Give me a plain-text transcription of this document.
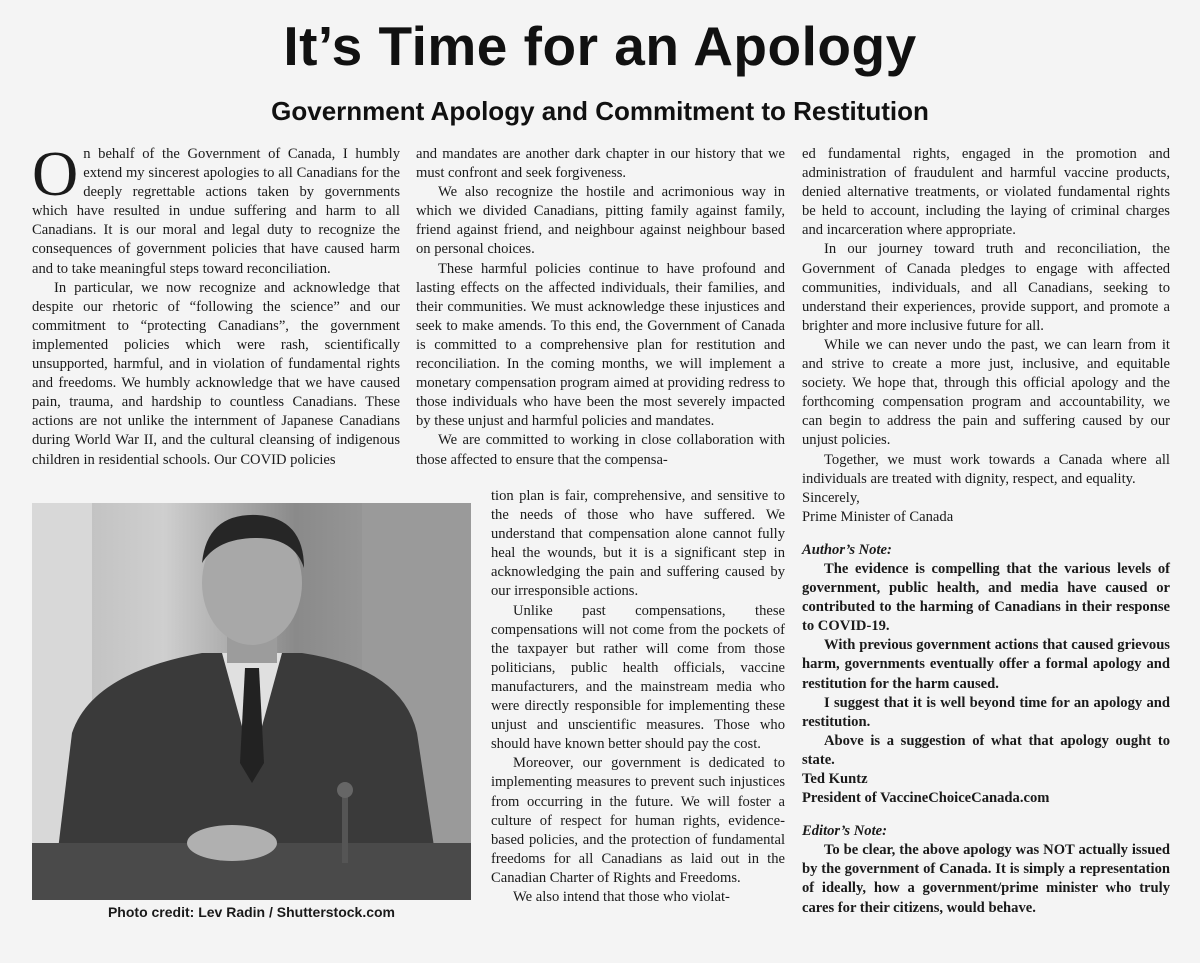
It’s Time for an Apology
Government Apology and Commitment to Restitution

On behalf of the Government of Canada, I humbly extend my sincerest apologies to all Canadians for the deeply regrettable actions taken by governments which have resulted in undue suffering and harm to all Canadians. It is our moral and legal duty to recognize the consequences of government policies that have caused harm and to take meaningful steps toward reconciliation.

In particular, we now recognize and acknowledge that despite our rhetoric of “following the science” and our commitment to “protecting Canadians”, the government implemented policies which were rash, scientifically unsupported, harmful, and in violation of fundamental rights and freedoms. We humbly acknowledge that we have caused pain, trauma, and hardship to countless Canadians. These actions are not unlike the internment of Japanese Canadians during World War II, and the cultural cleansing of indigenous children in residential schools. Our COVID policies

and mandates are another dark chapter in our history that we must confront and seek forgiveness.

We also recognize the hostile and acrimonious way in which we divided Canadians, pitting family against family, friend against friend, and neighbour against neighbour based on personal choices.

These harmful policies continue to have profound and lasting effects on the affected individuals, their families, and their communities. We must acknowledge these injustices and seek to make amends. To this end, the Government of Canada is committed to a comprehensive plan for restitution and reconciliation. In the coming months, we will implement a monetary compensation program aimed at providing redress to those individuals who have been the most severely impacted by these unjust and harmful policies and mandates.

We are committed to working in close collaboration with those affected to ensure that the compensa-

tion plan is fair, comprehensive, and sensitive to the needs of those who have suffered. We understand that compensation alone cannot fully heal the wounds, but it is a significant step in acknowledging the pain and suffering caused by our irresponsible actions.

Unlike past compensations, these compensations will not come from the pockets of the taxpayer but rather will come from those politicians, public health officials, vaccine manufacturers, and the mainstream media who were directly responsible for implementing these unjust and unscientific measures. Those who should have known better should pay the cost.

Moreover, our government is dedicated to implementing measures to prevent such injustices from occurring in the future. We will foster a culture of respect for human rights, evidence-based policies, and the protection of fundamental freedoms for all Canadians as laid out in the Canadian Charter of Rights and Freedoms.

We also intend that those who violat-

ed fundamental rights, engaged in the promotion and administration of fraudulent and harmful vaccine products, denied alternative treatments, or violated fundamental rights be held to account, including the laying of criminal charges and incarceration where appropriate.

In our journey toward truth and reconciliation, the Government of Canada pledges to engage with affected communities, individuals, and all Canadians, seeking to understand their experiences, provide support, and promote a brighter and more inclusive future for all.

While we can never undo the past, we can learn from it and strive to create a more just, inclusive, and equitable society. We hope that, through this official apology and the forthcoming compensation program and accountability, we can begin to address the pain and suffering caused by our unjust policies.

Together, we must work towards a Canada where all individuals are treated with dignity, respect, and equality.

Sincerely,

Prime Minister of Canada

Author’s Note:

The evidence is compelling that the various levels of government, public health, and media have caused or contributed to the harming of Canadians in their response to COVID-19.

With previous government actions that caused grievous harm, governments eventually offer a formal apology and restitution for the harm caused.

I suggest that it is well beyond time for an apology and restitution.

Above is a suggestion of what that apology ought to state.

Ted Kuntz

President of VaccineChoiceCanada.com

Editor’s Note:

To be clear, the above apology was NOT actually issued by the government of Canada. It is simply a representation of ideally, how a government/prime minister who truly cares for their citizens, would behave.

Photo credit: Lev Radin / Shutterstock.com
